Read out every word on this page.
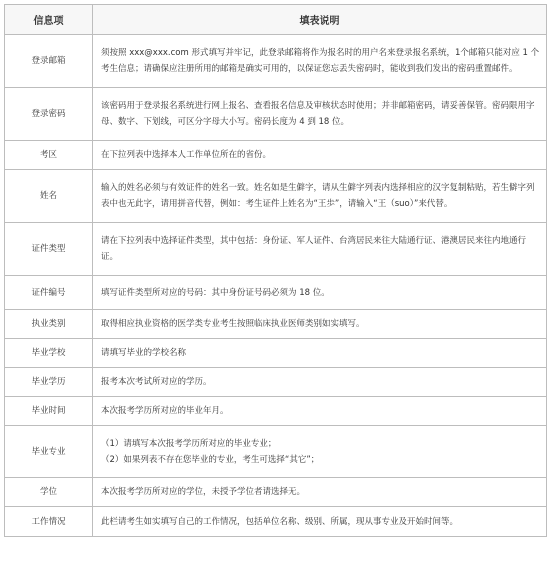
信息项	填表说明
登录邮箱	须按照 xxx@xxx.com 形式填写并牢记，此登录邮箱将作为报名时的用户名来登录报名系统，1个邮箱只能对应 1 个考生信息；请确保应注册所用的邮箱是确实可用的，以保证您忘丢失密码时，能收到我们发出的密码重置邮件。

登录密码	该密码用于登录报名系统进行网上报名、查看报名信息及审核状态时使用；并非邮箱密码，请妥善保管。密码限用字母、数字、下划线，可区分字母大小写。密码长度为 4 到 18 位。

考区	在下拉列表中选择本人工作单位所在的省份。

姓名	输入的姓名必须与有效证件的姓名一致。姓名如是生僻字，请从生僻字列表内选择相应的汉字复制粘贴，若生僻字列表中也无此字，请用拼音代替，例如：考生证件上姓名为“王歩”，请输入“王（suo）”来代替。

证件类型	请在下拉列表中选择证件类型，其中包括：身份证、军人证件、台湾居民来往大陆通行证、港澳居民来往内地通行证。

证件编号	填写证件类型所对应的号码：其中身份证号码必须为 18 位。

执业类别	取得相应执业资格的医学类专业考生按照临床执业医师类别如实填写。

毕业学校	请填写毕业的学校名称

毕业学历	报考本次考试所对应的学历。

毕业时间	本次报考学历所对应的毕业年月。

毕业专业	（1）请填写本次报考学历所对应的毕业专业；

（2）如果列表不存在您毕业的专业，考生可选择“其它”；

学位	本次报考学历所对应的学位，未授予学位者请选择无。

工作情况	此栏请考生如实填写自己的工作情况，包括单位名称、级别、所属，现从事专业及开始时间等。
